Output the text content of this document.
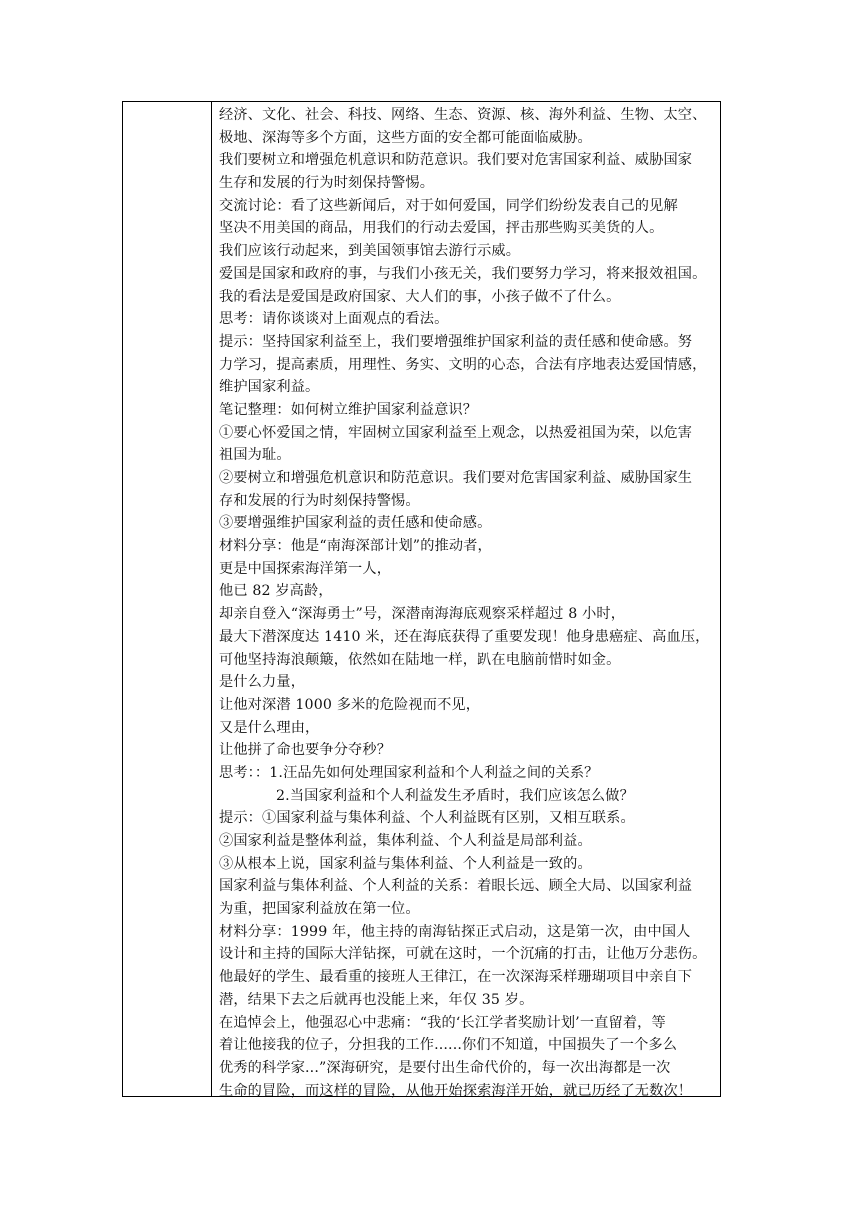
经济、文化、社会、科技、网络、生态、资源、核、海外利益、生物、太空、
极地、深海等多个方面，这些方面的安全都可能面临威胁。
我们要树立和增强危机意识和防范意识。我们要对危害国家利益、威胁国家
生存和发展的行为时刻保持警惕。
交流讨论：看了这些新闻后，对于如何爱国，同学们纷纷发表自己的见解
坚决不用美国的商品，用我们的行动去爱国，抨击那些购买美货的人。
我们应该行动起来，到美国领事馆去游行示威。
爱国是国家和政府的事，与我们小孩无关，我们要努力学习，将来报效祖国。
我的看法是爱国是政府国家、大人们的事，小孩子做不了什么。
思考：请你谈谈对上面观点的看法。
提示：坚持国家利益至上，我们要增强维护国家利益的责任感和使命感。努
力学习，提高素质，用理性、务实、文明的心态，合法有序地表达爱国情感，
维护国家利益。
笔记整理：如何树立维护国家利益意识？
①要心怀爱国之情，牢固树立国家利益至上观念，以热爱祖国为荣，以危害
祖国为耻。
②要树立和增强危机意识和防范意识。我们要对危害国家利益、威胁国家生
存和发展的行为时刻保持警惕。
③要增强维护国家利益的责任感和使命感。
材料分享：他是“南海深部计划”的推动者，
更是中国探索海洋第一人，
他已 82 岁高龄，
却亲自登入“深海勇士”号，深潜南海海底观察采样超过 8 小时，
最大下潜深度达 1410 米，还在海底获得了重要发现！他身患癌症、高血压，
可他坚持海浪颠簸，依然如在陆地一样，趴在电脑前惜时如金。
是什么力量，
让他对深潜 1000 多米的危险视而不见，
又是什么理由，
让他拼了命也要争分夺秒？
思考：：1.汪品先如何处理国家利益和个人利益之间的关系？
2.当国家利益和个人利益发生矛盾时，我们应该怎么做？
提示：①国家利益与集体利益、个人利益既有区别，又相互联系。
②国家利益是整体利益，集体利益、个人利益是局部利益。
③从根本上说，国家利益与集体利益、个人利益是一致的。
国家利益与集体利益、个人利益的关系：着眼长远、顾全大局、以国家利益
为重，把国家利益放在第一位。
材料分享：1999 年，他主持的南海钻探正式启动，这是第一次，由中国人
设计和主持的国际大洋钻探，可就在这时，一个沉痛的打击，让他万分悲伤。
他最好的学生、最看重的接班人王律江，在一次深海采样珊瑚项目中亲自下
潜，结果下去之后就再也没能上来，年仅 35 岁。
在追悼会上，他强忍心中悲痛：“我的‘长江学者奖励计划’一直留着，等
着让他接我的位子，分担我的工作......你们不知道，中国损失了一个多么
优秀的科学家...”深海研究，是要付出生命代价的，每一次出海都是一次
生命的冒险，而这样的冒险，从他开始探索海洋开始，就已历经了无数次！
